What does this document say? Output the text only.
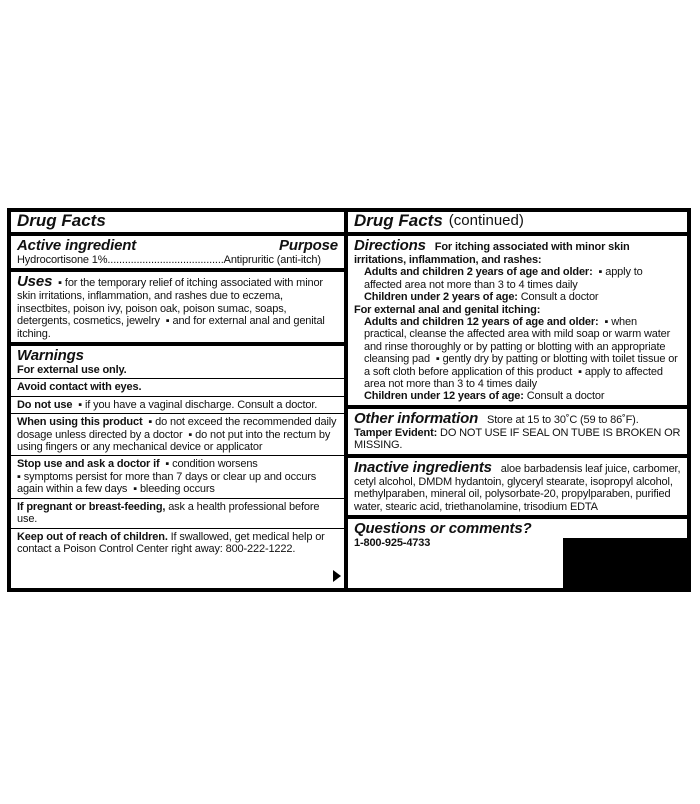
Drug Facts
Active ingredient	Purpose
Hydrocortisone 1%........................................Antipruritic (anti-itch)
Uses ▪ for the temporary relief of itching associated with minor skin irritations, inflammation, and rashes due to eczema, insectbites, poison ivy, poison oak, poison sumac, soaps, detergents, cosmetics, jewelry ▪ and for external anal and genital itching.
Warnings
For external use only.
Avoid contact with eyes.
Do not use ▪ if you have a vaginal discharge. Consult a doctor.
When using this product ▪ do not exceed the recommended daily dosage unless directed by a doctor ▪ do not put into the rectum by using fingers or any mechanical device or applicator
Stop use and ask a doctor if ▪ condition worsens
▪ symptoms persist for more than 7 days or clear up and occurs again within a few days ▪ bleeding occurs
If pregnant or breast-feeding, ask a health professional before use.
Keep out of reach of children. If swallowed, get medical help or contact a Poison Control Center right away: 800-222-1222.
Drug Facts (continued)
Directions For itching associated with minor skin irritations, inflammation, and rashes:
Adults and children 2 years of age and older: ▪ apply to affected area not more than 3 to 4 times daily
Children under 2 years of age: Consult a doctor
For external anal and genital itching:
Adults and children 12 years of age and older: ▪ when practical, cleanse the affected area with mild soap or warm water and rinse thoroughly or by patting or blotting with an appropriate cleansing pad ▪ gently dry by patting or blotting with toilet tissue or a soft cloth before application of this product ▪ apply to affected area not more than 3 to 4 times daily
Children under 12 years of age: Consult a doctor
Other information Store at 15 to 30˚C (59 to 86˚F).
Tamper Evident: DO NOT USE IF SEAL ON TUBE IS BROKEN OR MISSING.
Inactive ingredients aloe barbadensis leaf juice, carbomer, cetyl alcohol, DMDM hydantoin, glyceryl stearate, isopropyl alcohol, methylparaben, mineral oil, polysorbate-20, propylparaben, purified water, stearic acid, triethanolamine, trisodium EDTA
Questions or comments?
1-800-925-4733
